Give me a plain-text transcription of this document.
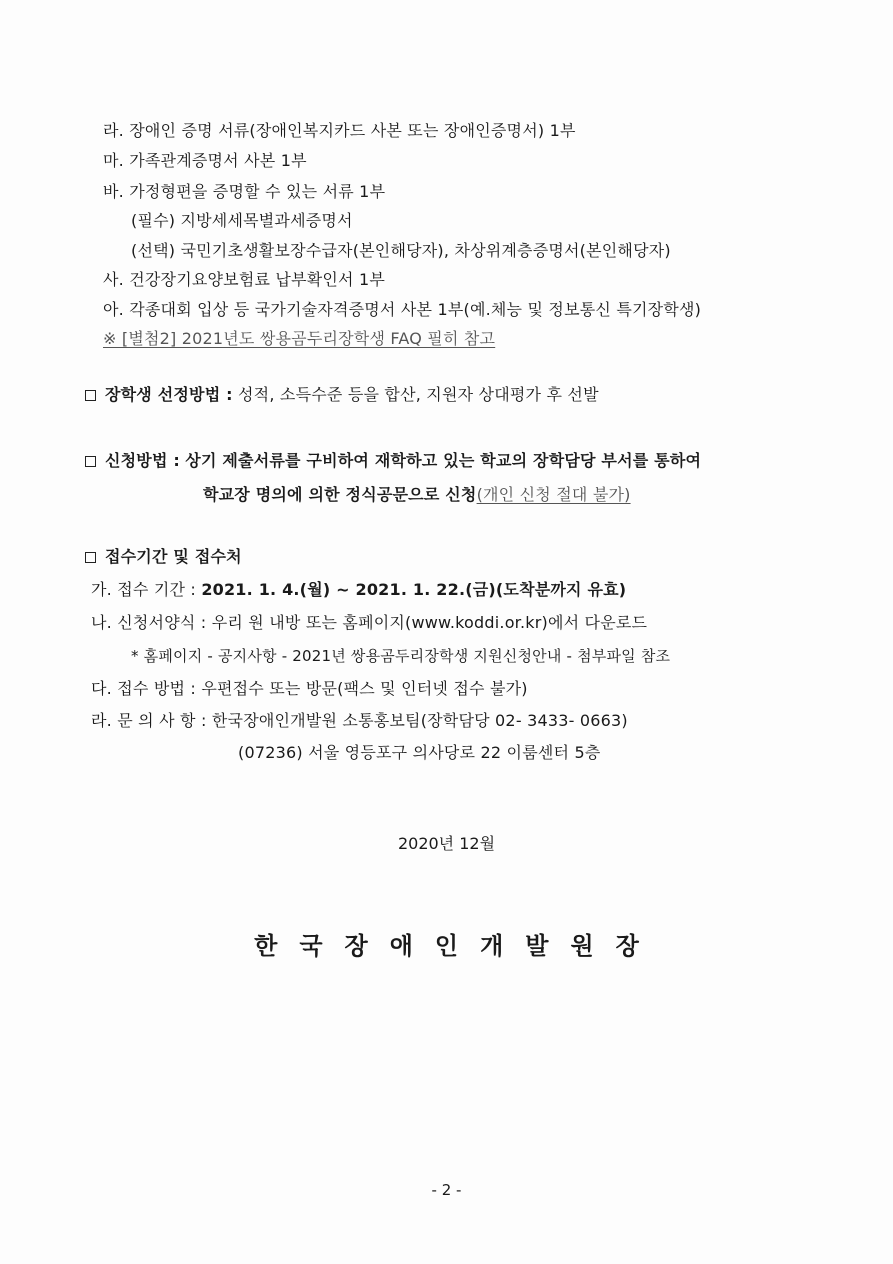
라. 장애인 증명 서류(장애인복지카드 사본 또는 장애인증명서) 1부
마. 가족관계증명서 사본 1부
바. 가정형편을 증명할 수 있는 서류 1부
(필수) 지방세세목별과세증명서
(선택) 국민기초생활보장수급자(본인해당자), 차상위계층증명서(본인해당자)
사. 건강장기요양보험료 납부확인서 1부
아. 각종대회 입상 등 국가기술자격증명서 사본 1부(예.체능 및 정보통신 특기장학생)
※ [별첨2] 2021년도 쌍용곰두리장학생 FAQ 필히 참고
장학생 선정방법 : 성적, 소득수준 등을 합산, 지원자 상대평가 후 선발
신청방법 : 상기 제출서류를 구비하여 재학하고 있는 학교의 장학담당 부서를 통하여
학교장 명의에 의한 정식공문으로 신청(개인 신청 절대 불가)
접수기간 및 접수처
가. 접수 기간 : 2021. 1. 4.(월) ~ 2021. 1. 22.(금)(도착분까지 유효)
나. 신청서양식 : 우리 원 내방 또는 홈페이지(www.koddi.or.kr)에서 다운로드
* 홈페이지 - 공지사항 - 2021년 쌍용곰두리장학생 지원신청안내 - 첨부파일 참조
다. 접수 방법 : 우편접수 또는 방문(팩스 및 인터넷 접수 불가)
라. 문 의 사 항 : 한국장애인개발원 소통홍보팀(장학담당 02- 3433- 0663)
(07236) 서울 영등포구 의사당로 22 이룸센터 5층
2020년 12월
한국장애인개발원장
- 2 -
